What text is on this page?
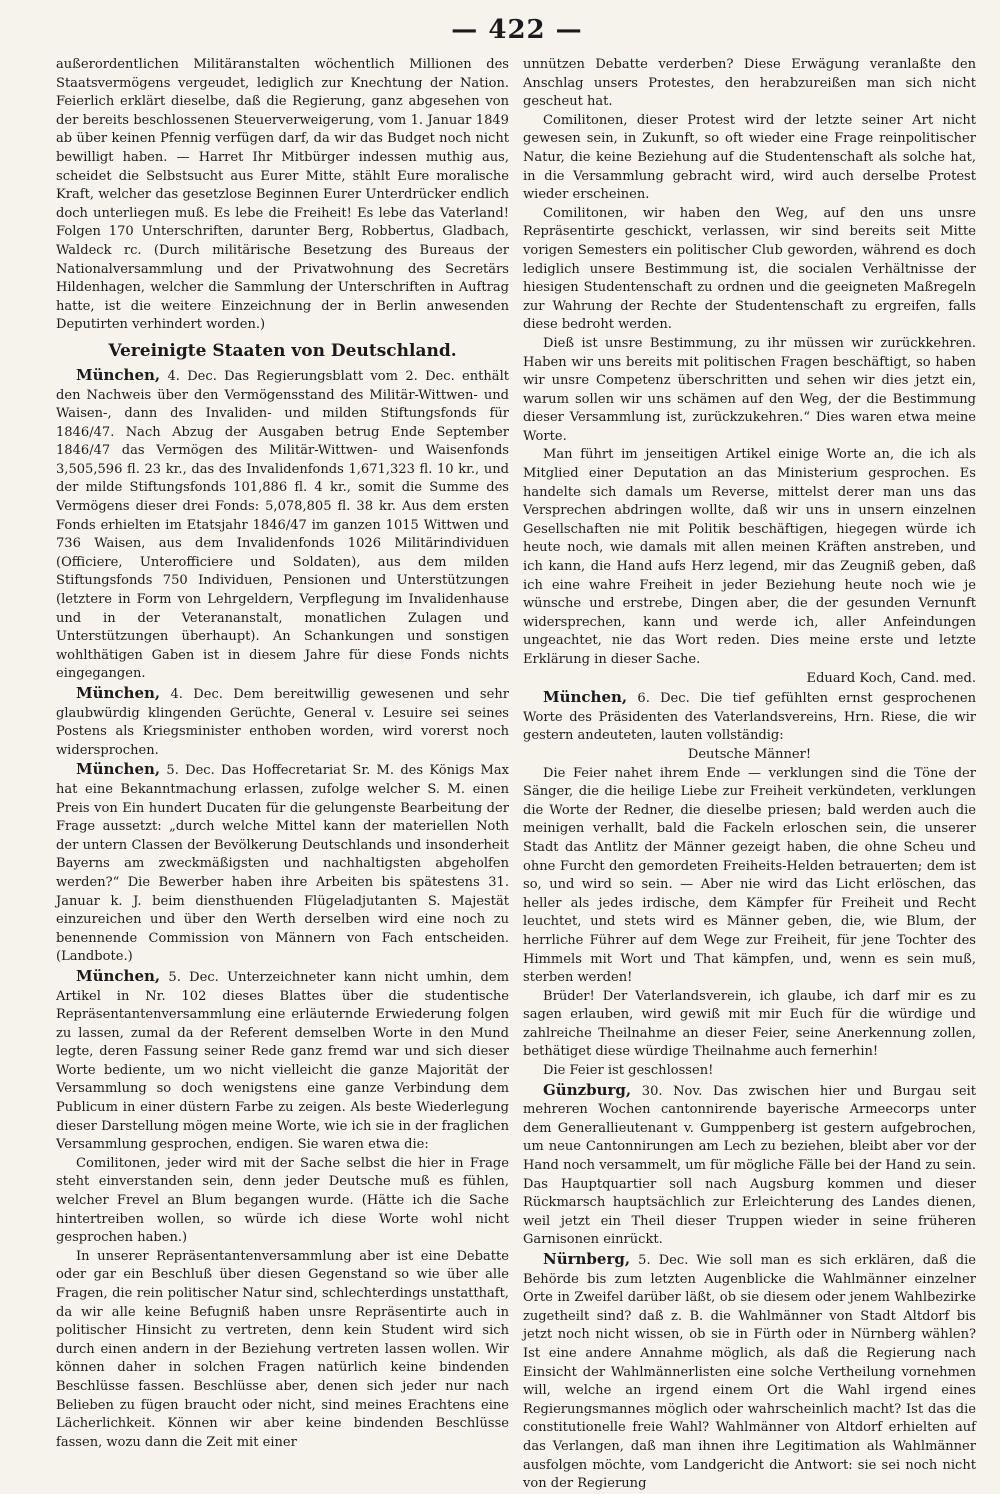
— 422 —

außerordentlichen Militäranstalten wöchentlich Millionen des Staatsvermögens vergeudet, lediglich zur Knechtung der Nation. Feierlich erklärt dieselbe, daß die Regierung, ganz abgesehen von der bereits beschlossenen Steuerverweigerung, vom 1. Januar 1849 ab über keinen Pfennig verfügen darf, da wir das Budget noch nicht bewilligt haben. — Harret Ihr Mitbürger indessen muthig aus, scheidet die Selbstsucht aus Eurer Mitte, stählt Eure moralische Kraft, welcher das gesetzlose Beginnen Eurer Unterdrücker endlich doch unterliegen muß. Es lebe die Freiheit! Es lebe das Vaterland! Folgen 170 Unterschriften, darunter Berg, Robbertus, Gladbach, Waldeck rc. (Durch militärische Besetzung des Bureaus der Nationalversammlung und der Privatwohnung des Secretärs Hildenhagen, welcher die Sammlung der Unterschriften in Auftrag hatte, ist die weitere Einzeichnung der in Berlin anwesenden Deputirten verhindert worden.)

Vereinigte Staaten von Deutschland.

München, 4. Dec. Das Regierungsblatt vom 2. Dec. enthält den Nachweis über den Vermögensstand des Militär-Wittwen- und Waisen-, dann des Invaliden- und milden Stiftungsfonds für 1846/47. Nach Abzug der Ausgaben betrug Ende September 1846/47 das Vermögen des Militär-Wittwen- und Waisenfonds 3,505,596 fl. 23 kr., das des Invalidenfonds 1,671,323 fl. 10 kr., und der milde Stiftungsfonds 101,886 fl. 4 kr., somit die Summe des Vermögens dieser drei Fonds: 5,078,805 fl. 38 kr. Aus dem ersten Fonds erhielten im Etatsjahr 1846/47 im ganzen 1015 Wittwen und 736 Waisen, aus dem Invalidenfonds 1026 Militärindividuen (Officiere, Unterofficiere und Soldaten), aus dem milden Stiftungsfonds 750 Individuen, Pensionen und Unterstützungen (letztere in Form von Lehrgeldern, Verpflegung im Invalidenhause und in der Veterananstalt, monatlichen Zulagen und Unterstützungen überhaupt). An Schankungen und sonstigen wohlthätigen Gaben ist in diesem Jahre für diese Fonds nichts eingegangen.

München, 4. Dec. Dem bereitwillig gewesenen und sehr glaubwürdig klingenden Gerüchte, General v. Lesuire sei seines Postens als Kriegsminister enthoben worden, wird vorerst noch widersprochen.

München, 5. Dec. Das Hoffecretariat Sr. M. des Königs Max hat eine Bekanntmachung erlassen, zufolge welcher S. M. einen Preis von Ein hundert Ducaten für die gelungenste Bearbeitung der Frage aussetzt: „durch welche Mittel kann der materiellen Noth der untern Classen der Bevölkerung Deutschlands und insonderheit Bayerns am zweckmäßigsten und nachhaltigsten abgeholfen werden?“ Die Bewerber haben ihre Arbeiten bis spätestens 31. Januar k. J. beim diensthuenden Flügeladjutanten S. Majestät einzureichen und über den Werth derselben wird eine noch zu benennende Commission von Männern von Fach entscheiden. (Landbote.)

München, 5. Dec. Unterzeichneter kann nicht umhin, dem Artikel in Nr. 102 dieses Blattes über die studentische Repräsentantenversammlung eine erläuternde Erwiederung folgen zu lassen, zumal da der Referent demselben Worte in den Mund legte, deren Fassung seiner Rede ganz fremd war und sich dieser Worte bediente, um wo nicht vielleicht die ganze Majorität der Versammlung so doch wenigstens eine ganze Verbindung dem Publicum in einer düstern Farbe zu zeigen. Als beste Wiederlegung dieser Darstellung mögen meine Worte, wie ich sie in der fraglichen Versammlung gesprochen, endigen. Sie waren etwa die:

Comilitonen, jeder wird mit der Sache selbst die hier in Frage steht einverstanden sein, denn jeder Deutsche muß es fühlen, welcher Frevel an Blum begangen wurde. (Hätte ich die Sache hintertreiben wollen, so würde ich diese Worte wohl nicht gesprochen haben.)

In unserer Repräsentantenversammlung aber ist eine Debatte oder gar ein Beschluß über diesen Gegenstand so wie über alle Fragen, die rein politischer Natur sind, schlechterdings unstatthaft, da wir alle keine Befugniß haben unsre Repräsentirte auch in politischer Hinsicht zu vertreten, denn kein Student wird sich durch einen andern in der Beziehung vertreten lassen wollen. Wir können daher in solchen Fragen natürlich keine bindenden Beschlüsse fassen. Beschlüsse aber, denen sich jeder nur nach Belieben zu fügen braucht oder nicht, sind meines Erachtens eine Lächerlichkeit. Können wir aber keine bindenden Beschlüsse fassen, wozu dann die Zeit mit einer

unnützen Debatte verderben? Diese Erwägung veranlaßte den Anschlag unsers Protestes, den herabzureißen man sich nicht gescheut hat.

Comilitonen, dieser Protest wird der letzte seiner Art nicht gewesen sein, in Zukunft, so oft wieder eine Frage reinpolitischer Natur, die keine Beziehung auf die Studentenschaft als solche hat, in die Versammlung gebracht wird, wird auch derselbe Protest wieder erscheinen.

Comilitonen, wir haben den Weg, auf den uns unsre Repräsentirte geschickt, verlassen, wir sind bereits seit Mitte vorigen Semesters ein politischer Club geworden, während es doch lediglich unsere Bestimmung ist, die socialen Verhältnisse der hiesigen Studentenschaft zu ordnen und die geeigneten Maßregeln zur Wahrung der Rechte der Studentenschaft zu ergreifen, falls diese bedroht werden.

Dieß ist unsre Bestimmung, zu ihr müssen wir zurückkehren. Haben wir uns bereits mit politischen Fragen beschäftigt, so haben wir unsre Competenz überschritten und sehen wir dies jetzt ein, warum sollen wir uns schämen auf den Weg, der die Bestimmung dieser Versammlung ist, zurückzukehren.“ Dies waren etwa meine Worte.

Man führt im jenseitigen Artikel einige Worte an, die ich als Mitglied einer Deputation an das Ministerium gesprochen. Es handelte sich damals um Reverse, mittelst derer man uns das Versprechen abdringen wollte, daß wir uns in unsern einzelnen Gesellschaften nie mit Politik beschäftigen, hiegegen würde ich heute noch, wie damals mit allen meinen Kräften anstreben, und ich kann, die Hand aufs Herz legend, mir das Zeugniß geben, daß ich eine wahre Freiheit in jeder Beziehung heute noch wie je wünsche und erstrebe, Dingen aber, die der gesunden Vernunft widersprechen, kann und werde ich, aller Anfeindungen ungeachtet, nie das Wort reden. Dies meine erste und letzte Erklärung in dieser Sache.

Eduard Koch, Cand. med.

München, 6. Dec. Die tief gefühlten ernst gesprochenen Worte des Präsidenten des Vaterlandsvereins, Hrn. Riese, die wir gestern andeuteten, lauten vollständig:

Deutsche Männer!

Die Feier nahet ihrem Ende — verklungen sind die Töne der Sänger, die die heilige Liebe zur Freiheit verkündeten, verklungen die Worte der Redner, die dieselbe priesen; bald werden auch die meinigen verhallt, bald die Fackeln erloschen sein, die unserer Stadt das Antlitz der Männer gezeigt haben, die ohne Scheu und ohne Furcht den gemordeten Freiheits-Helden betrauerten; dem ist so, und wird so sein. — Aber nie wird das Licht erlöschen, das heller als jedes irdische, dem Kämpfer für Freiheit und Recht leuchtet, und stets wird es Männer geben, die, wie Blum, der herrliche Führer auf dem Wege zur Freiheit, für jene Tochter des Himmels mit Wort und That kämpfen, und, wenn es sein muß, sterben werden!

Brüder! Der Vaterlandsverein, ich glaube, ich darf mir es zu sagen erlauben, wird gewiß mit mir Euch für die würdige und zahlreiche Theilnahme an dieser Feier, seine Anerkennung zollen, bethätiget diese würdige Theilnahme auch fernerhin!

Die Feier ist geschlossen!

Günzburg, 30. Nov. Das zwischen hier und Burgau seit mehreren Wochen cantonnirende bayerische Armeecorps unter dem Generallieutenant v. Gumppenberg ist gestern aufgebrochen, um neue Cantonnirungen am Lech zu beziehen, bleibt aber vor der Hand noch versammelt, um für mögliche Fälle bei der Hand zu sein. Das Hauptquartier soll nach Augsburg kommen und dieser Rückmarsch hauptsächlich zur Erleichterung des Landes dienen, weil jetzt ein Theil dieser Truppen wieder in seine früheren Garnisonen einrückt.

Nürnberg, 5. Dec. Wie soll man es sich erklären, daß die Behörde bis zum letzten Augenblicke die Wahlmänner einzelner Orte in Zweifel darüber läßt, ob sie diesem oder jenem Wahlbezirke zugetheilt sind? daß z. B. die Wahlmänner von Stadt Altdorf bis jetzt noch nicht wissen, ob sie in Fürth oder in Nürnberg wählen? Ist eine andere Annahme möglich, als daß die Regierung nach Einsicht der Wahlmännerlisten eine solche Vertheilung vornehmen will, welche an irgend einem Ort die Wahl irgend eines Regierungsmannes möglich oder wahrscheinlich macht? Ist das die constitutionelle freie Wahl? Wahlmänner von Altdorf erhielten auf das Verlangen, daß man ihnen ihre Legitimation als Wahlmänner ausfolgen möchte, vom Landgericht die Antwort: sie sei noch nicht von der Regierung
